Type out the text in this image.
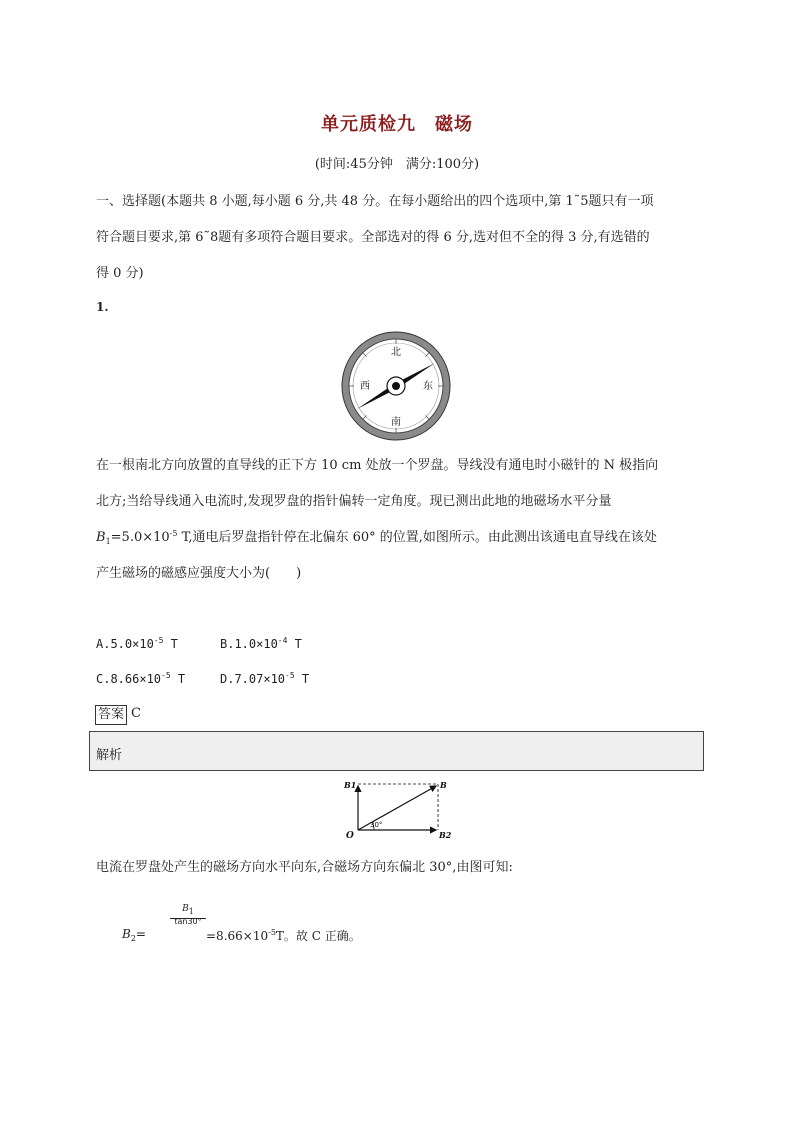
单元质检九　磁场
(时间:45分钟　满分:100分)
一、选择题(本题共 8 小题,每小题 6 分,共 48 分。在每小题给出的四个选项中,第 1˜5题只有一项
符合题目要求,第 6˜8题有多项符合题目要求。全部选对的得 6 分,选对但不全的得 3 分,有选错的
得 0 分)
1.
北
南
东
西
在一根南北方向放置的直导线的正下方 10 cm 处放一个罗盘。导线没有通电时小磁针的 N 极指向
北方;当给导线通入电流时,发现罗盘的指针偏转一定角度。现已测出此地的地磁场水平分量
$B_1=5.0\times 10^{-5}$ T,通电后罗盘指针停在北偏东 60° 的位置,如图所示。由此测出该通电直导线在该处
产生磁场的磁感应强度大小为(　　)
$A.5.0\times 10^{-5}$ T	$B.1.0\times 10^{-4}$ T
$C.8.66\times 10^{-5}$ T	$D.7.07\times 10^{-5}$ T
答案 C
解析
O
B1	B
B2
30°
电流在罗盘处产生的磁场方向水平向东,合磁场方向东偏北 30°,由图可知:
$B_2=$
$B_1$
tan30°
$=8.66\times 10^{-5}T$。故 C 正确。
